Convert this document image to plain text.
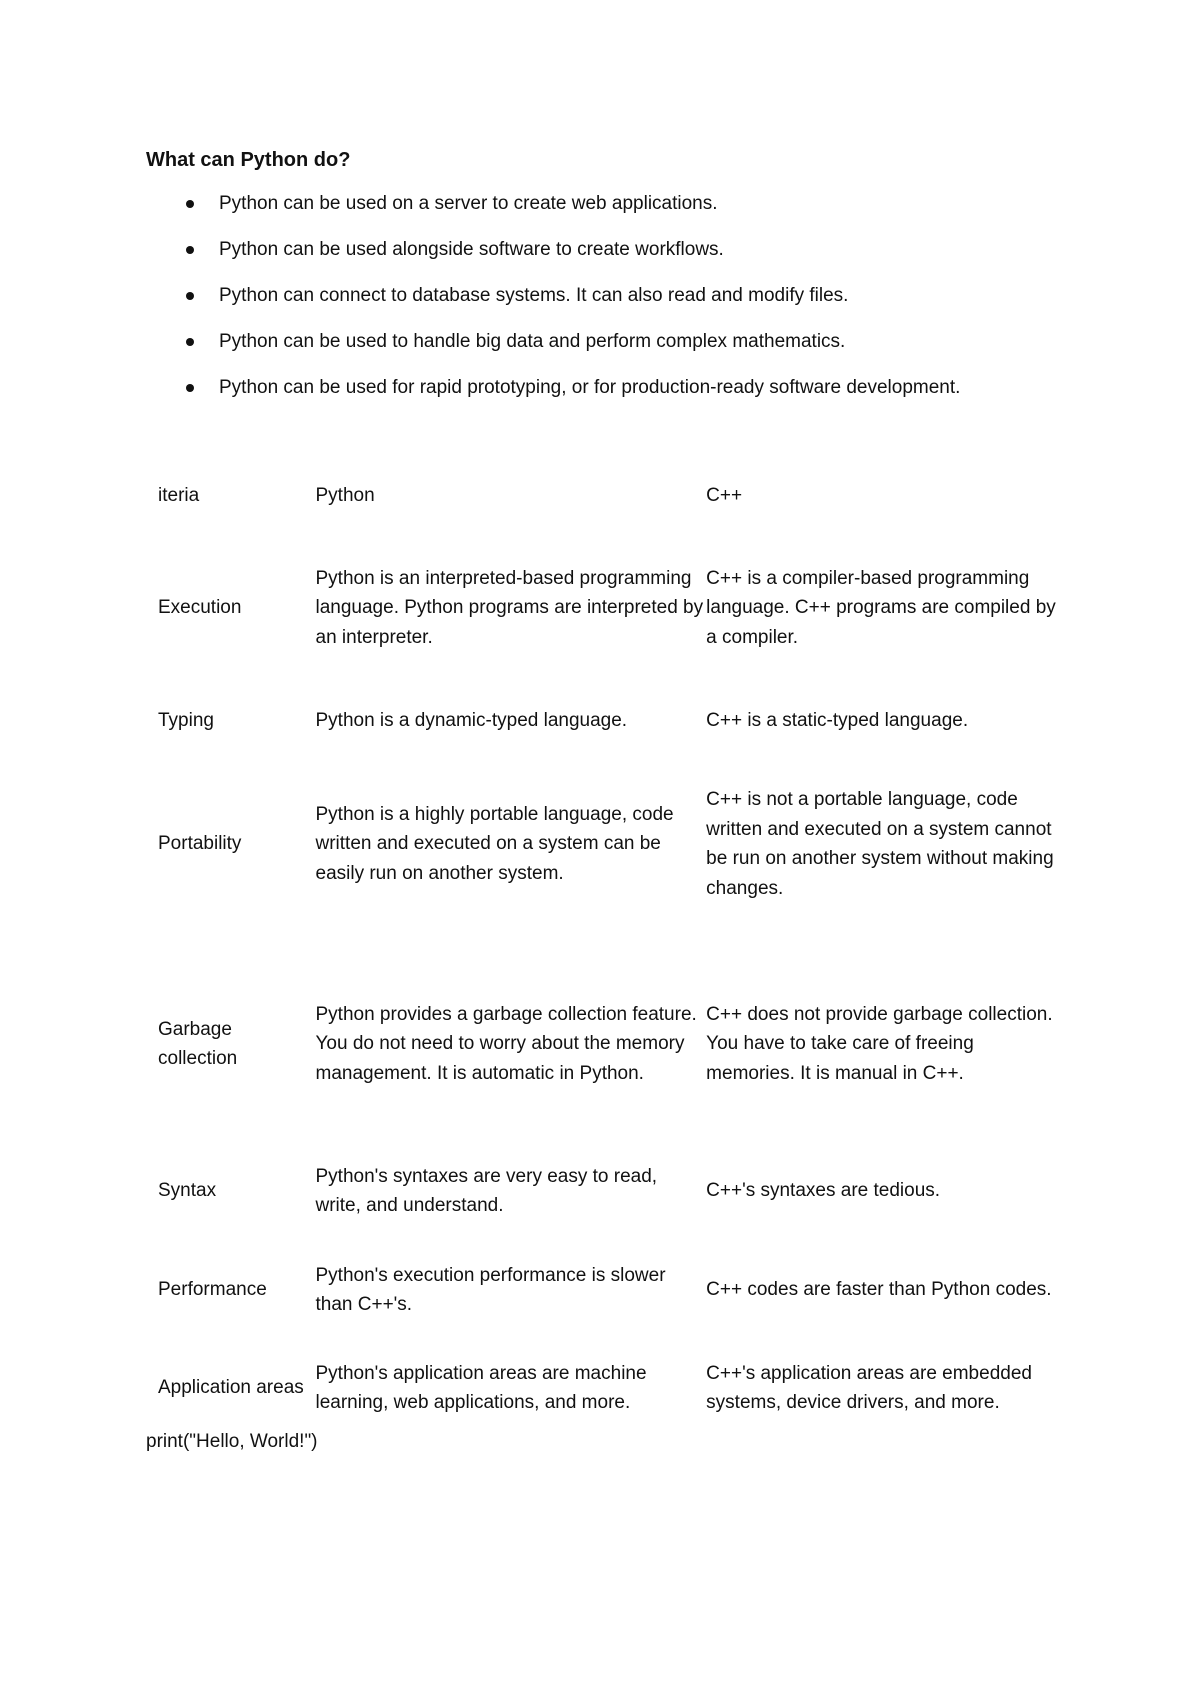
What can Python do?
Python can be used on a server to create web applications.
Python can be used alongside software to create workflows.
Python can connect to database systems. It can also read and modify files.
Python can be used to handle big data and perform complex mathematics.
Python can be used for rapid prototyping, or for production-ready software development.
iteria	Python	C++
Execution	Python is an interpreted-based programming language. Python programs are interpreted by an interpreter.	C++ is a compiler-based programming language. C++ programs are compiled by a compiler.
Typing	Python is a dynamic-typed language.	C++ is a static-typed language.
Portability	Python is a highly portable language, code written and executed on a system can be easily run on another system.	C++ is not a portable language, code written and executed on a system cannot be run on another system without making changes.
Garbage collection	Python provides a garbage collection feature. You do not need to worry about the memory management. It is automatic in Python.	C++ does not provide garbage collection. You have to take care of freeing memories. It is manual in C++.
Syntax	Python's syntaxes are very easy to read, write, and understand.	C++'s syntaxes are tedious.
Performance	Python's execution performance is slower than C++'s.	C++ codes are faster than Python codes.
Application areas	Python's application areas are machine learning, web applications, and more.	C++'s application areas are embedded systems, device drivers, and more.
print("Hello, World!")
